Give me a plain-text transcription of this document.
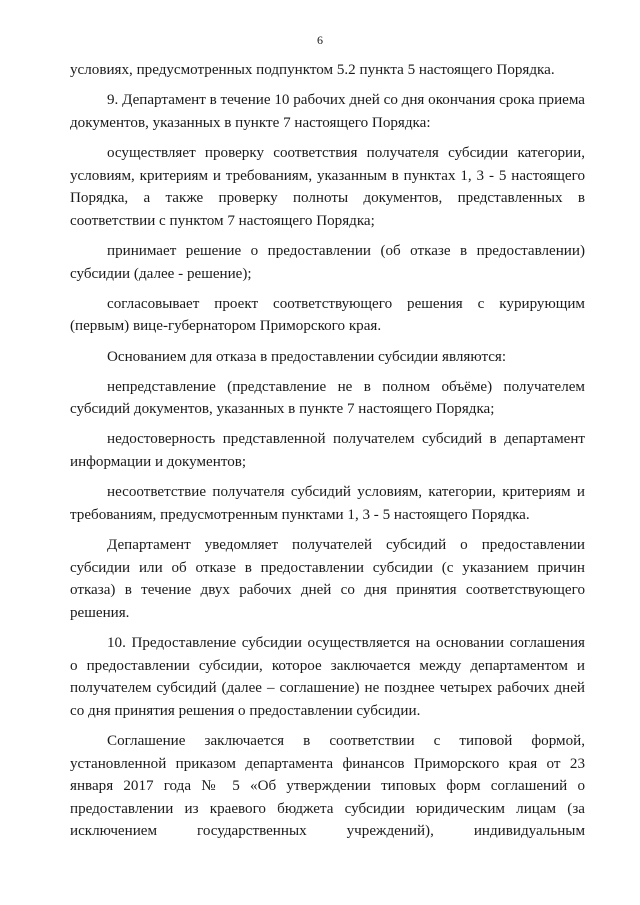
6

условиях, предусмотренных подпунктом 5.2 пункта 5 настоящего Порядка.

9. Департамент в течение 10 рабочих дней со дня окончания срока приема документов, указанных в пункте 7 настоящего Порядка:

осуществляет проверку соответствия получателя субсидии категории, условиям, критериям и требованиям, указанным в пунктах 1, 3 - 5 настоящего Порядка, а также проверку полноты документов, представленных в соответствии с пунктом 7 настоящего Порядка;

принимает решение о предоставлении (об отказе в предоставлении) субсидии (далее - решение);

согласовывает проект соответствующего решения с курирующим (первым) вице-губернатором Приморского края.

Основанием для отказа в предоставлении субсидии являются:

непредставление (представление не в полном объёме) получателем субсидий документов, указанных в пункте 7 настоящего Порядка;

недостоверность представленной получателем субсидий в департамент информации и документов;

несоответствие получателя субсидий условиям, категории, критериям и требованиям, предусмотренным пунктами 1, 3 - 5 настоящего Порядка.

Департамент уведомляет получателей субсидий о предоставлении субсидии или об отказе в предоставлении субсидии (с указанием причин отказа) в течение двух рабочих дней со дня принятия соответствующего решения.

10. Предоставление субсидии осуществляется на основании соглашения о предоставлении субсидии, которое заключается между департаментом и получателем субсидий (далее – соглашение) не позднее четырех рабочих дней со дня принятия решения о предоставлении субсидии.

Соглашение заключается в соответствии с типовой формой, установленной приказом департамента финансов Приморского края от 23 января 2017 года № 5 «Об утверждении типовых форм соглашений о предоставлении из краевого бюджета субсидии юридическим лицам (за исключением государственных учреждений), индивидуальным
